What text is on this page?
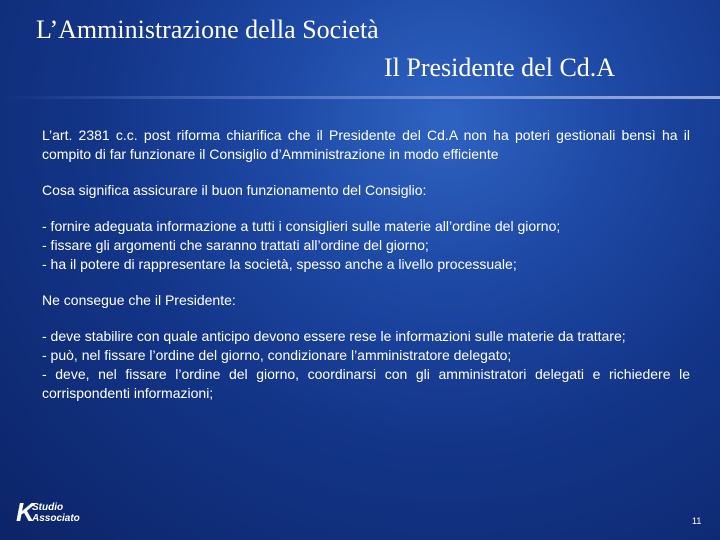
L’Amministrazione della Società
Il Presidente del Cd.A

L’art. 2381 c.c. post riforma chiarifica che il Presidente del Cd.A non ha poteri gestionali bensì ha il compito di far funzionare il Consiglio d’Amministrazione in modo efficiente

Cosa significa assicurare il buon funzionamento del Consiglio:

- fornire adeguata informazione a tutti i consiglieri sulle materie all’ordine del giorno;
- fissare gli argomenti che saranno trattati all’ordine del giorno;
- ha il potere di rappresentare la società, spesso anche a livello processuale;

Ne consegue che il Presidente:

- deve stabilire con quale anticipo devono essere rese le informazioni sulle materie da trattare;
- può, nel fissare l’ordine del giorno, condizionare l’amministratore delegato;
- deve, nel fissare l’ordine del giorno, coordinarsi con gli amministratori delegati e richiedere le corrispondenti informazioni;

K
Studio
Associato	11
